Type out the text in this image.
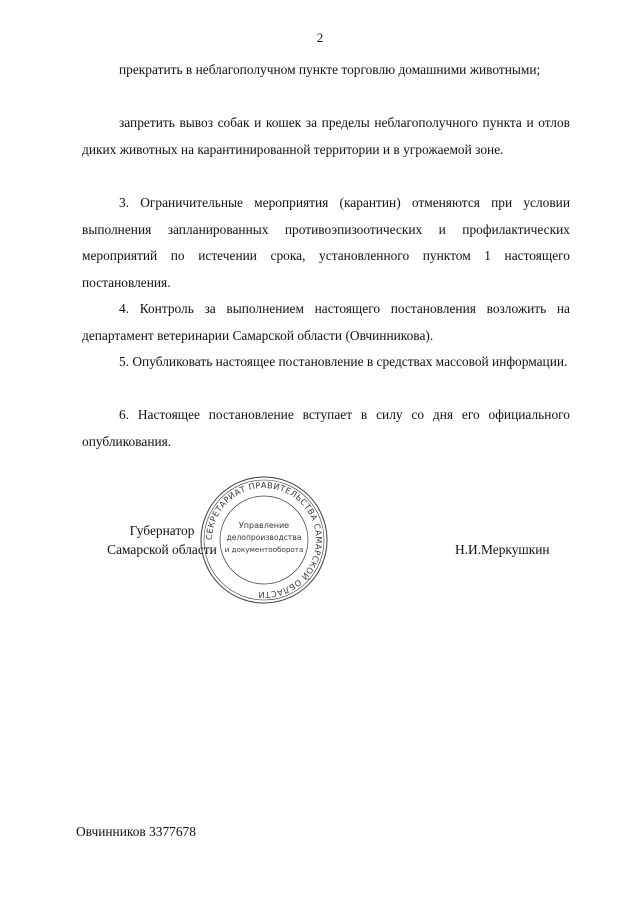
2

прекратить в неблагополучном пункте торговлю домашними животными;

запретить вывоз собак и кошек за пределы неблагополучного пункта и отлов диких животных на карантинированной территории и в угрожаемой зоне.

3. Ограничительные мероприятия (карантин) отменяются при условии выполнения запланированных противоэпизоотических и профилактических мероприятий по истечении срока, установленного пунктом 1 настоящего постановления.

4. Контроль за выполнением настоящего постановления возложить на департамент ветеринарии Самарской области (Овчинникова).

5. Опубликовать настоящее постановление в средствах массовой информации.

6. Настоящее постановление вступает в силу со дня его официального опубликования.

Губернатор
Самарской области
СЕКРЕТАРИАТ ПРАВИТЕЛЬСТВА САМАРСКОЙ ОБЛАСТИ
Управление
делопроизводства
и документооборота	Н.И.Меркушкин
Овчинников 3377678
